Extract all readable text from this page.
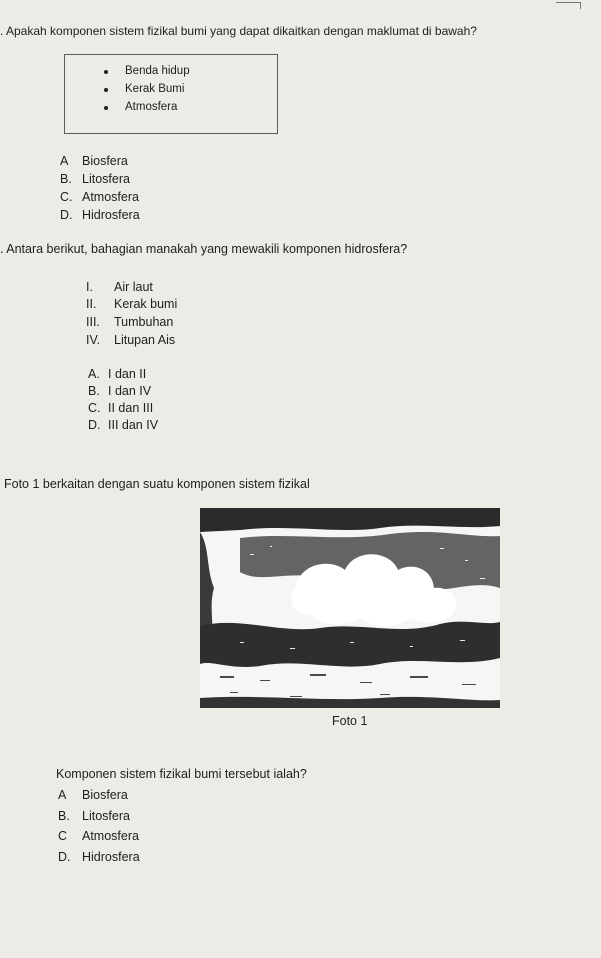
. Apakah komponen sistem fizikal bumi yang dapat dikaitkan dengan maklumat di bawah?
Benda hidup
Kerak Bumi
Atmosfera
A Biosfera
B. Litosfera
C. Atmosfera
D. Hidrosfera
. Antara berikut, bahagian manakah yang mewakili komponen hidrosfera?
I. Air laut
II. Kerak bumi
III. Tumbuhan
IV. Litupan Ais
A. I dan II
B. I dan IV
C. II dan III
D. III dan IV
Foto 1 berkaitan dengan suatu komponen sistem fizikal
Foto 1
Komponen sistem fizikal bumi tersebut ialah?
A Biosfera
B. Litosfera
C Atmosfera
D. Hidrosfera
